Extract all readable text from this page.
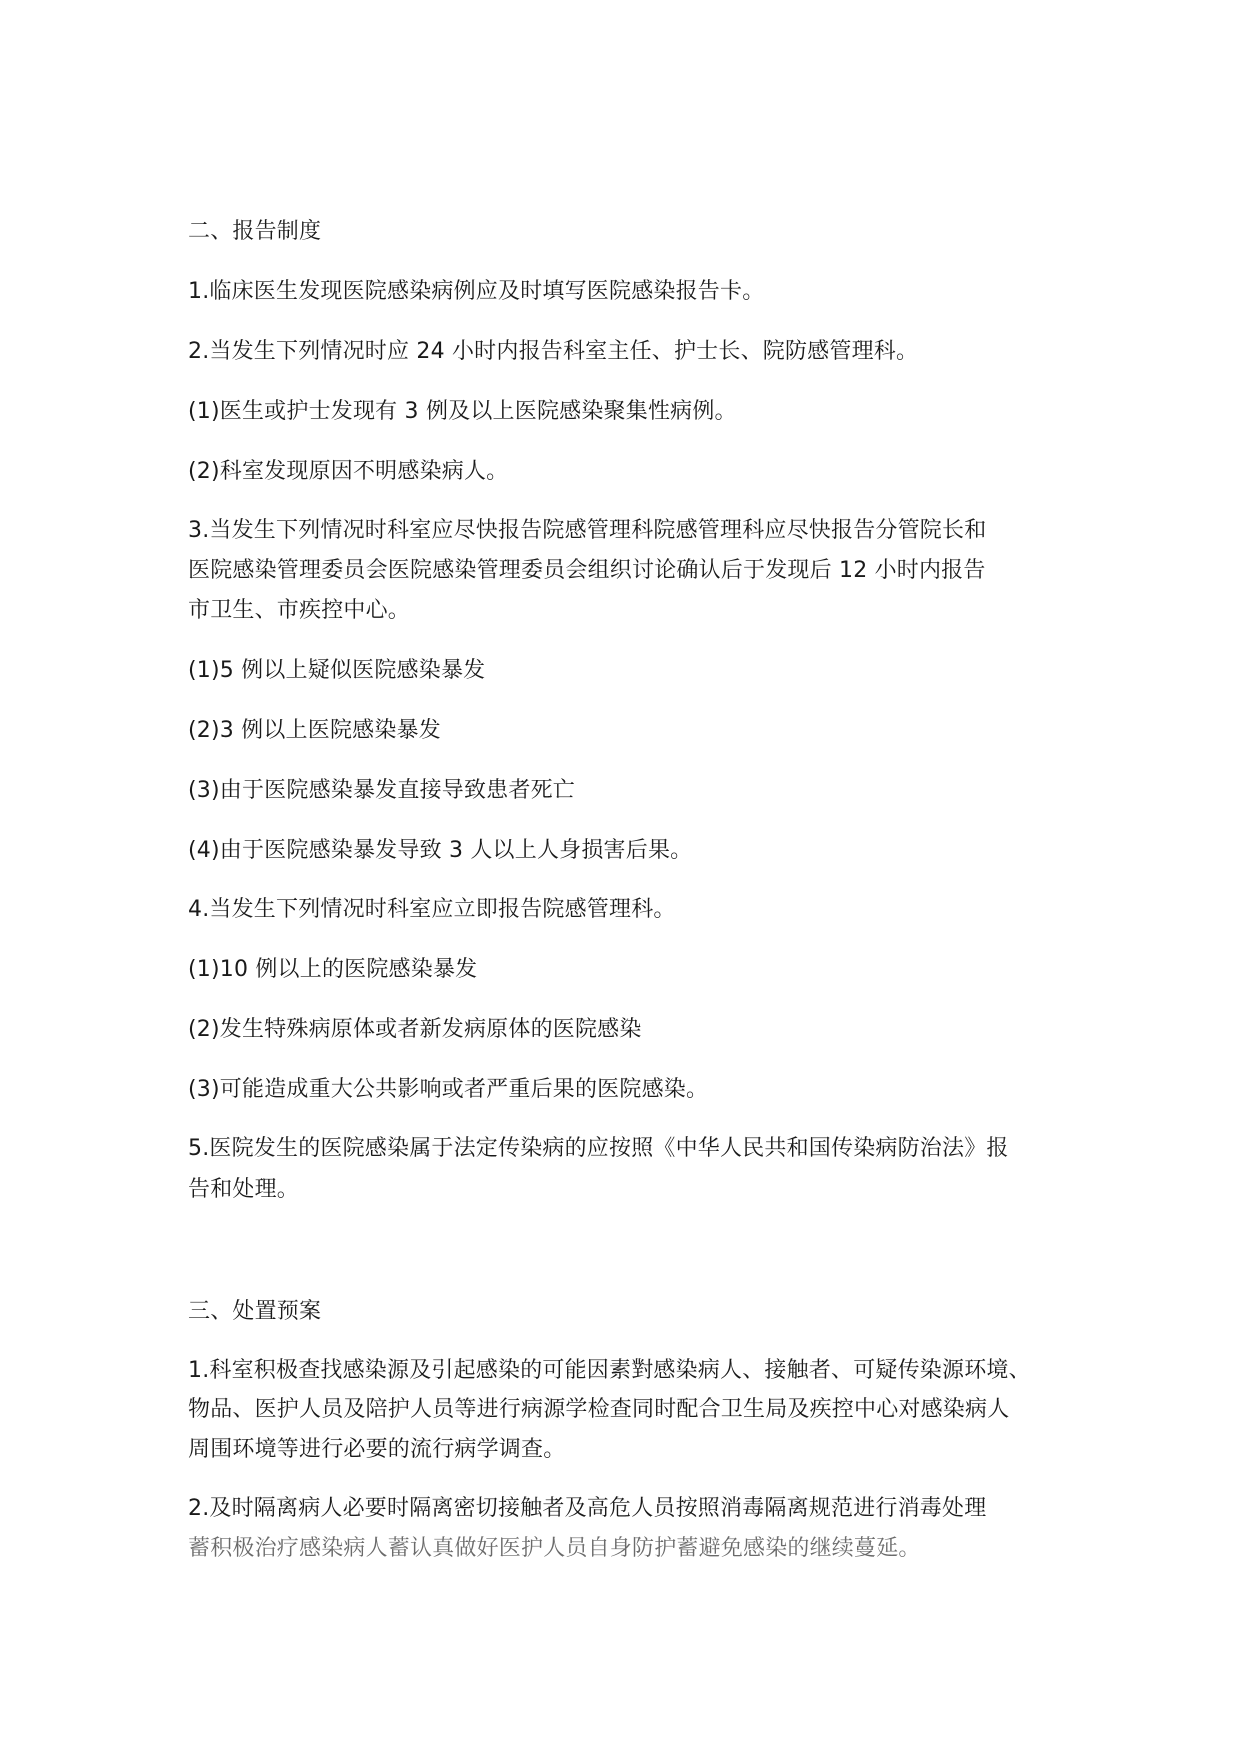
二、报告制度

1.临床医生发现医院感染病例应及时填写医院感染报告卡。

2.当发生下列情况时应 24 小时内报告科室主任、护士长、院防感管理科。

(1)医生或护士发现有 3 例及以上医院感染聚集性病例。

(2)科室发现原因不明感染病人。

3.当发生下列情况时科室应尽快报告院感管理科院感管理科应尽快报告分管院长和

医院感染管理委员会医院感染管理委员会组织讨论确认后于发现后 12 小时内报告

市卫生、市疾控中心。

(1)5 例以上疑似医院感染暴发

(2)3 例以上医院感染暴发

(3)由于医院感染暴发直接导致患者死亡

(4)由于医院感染暴发导致 3 人以上人身损害后果。

4.当发生下列情况时科室应立即报告院感管理科。

(1)10 例以上的医院感染暴发

(2)发生特殊病原体或者新发病原体的医院感染

(3)可能造成重大公共影响或者严重后果的医院感染。

5.医院发生的医院感染属于法定传染病的应按照《中华人民共和国传染病防治法》报

告和处理。

三、处置预案

1.科室积极查找感染源及引起感染的可能因素對感染病人、接触者、可疑传染源环境、

物品、医护人员及陪护人员等进行病源学检查同时配合卫生局及疾控中心对感染病人

周围环境等进行必要的流行病学调查。

2.及时隔离病人必要时隔离密切接触者及高危人员按照消毒隔离规范进行消毒处理

蓄积极治疗感染病人蓄认真做好医护人员自身防护蓄避免感染的继续蔓延。
